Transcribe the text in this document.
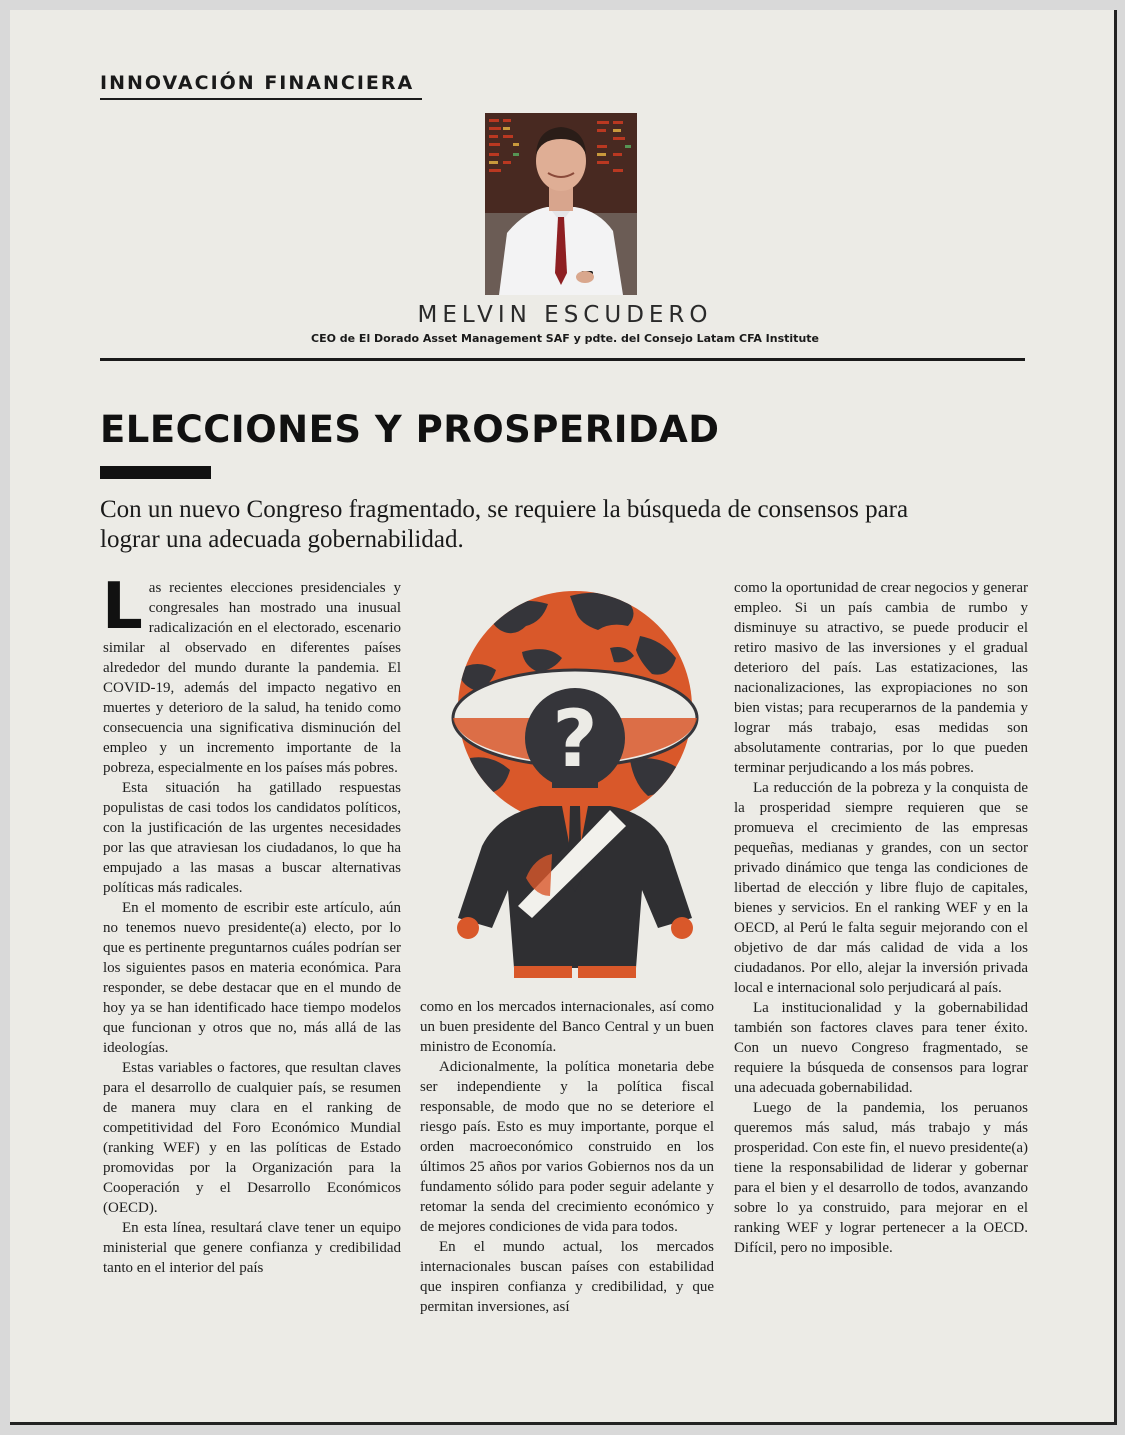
INNOVACIÓN FINANCIERA
MELVIN ESCUDERO
CEO de El Dorado Asset Management SAF y pdte. del Consejo Latam CFA Institute
ELECCIONES Y PROSPERIDAD
Con un nuevo Congreso fragmentado, se requiere la búsqueda de consensos para lograr una adecuada gobernabilidad.

Las recientes elecciones presidenciales y congresales han mostrado una inusual radicalización en el electorado, escenario similar al observado en diferentes países alrededor del mundo durante la pandemia. El COVID-19, además del impacto negativo en muertes y deterioro de la salud, ha tenido como consecuencia una significativa disminución del empleo y un incremento importante de la pobreza, especialmente en los países más pobres.

Esta situación ha gatillado respuestas populistas de casi todos los candidatos políticos, con la justificación de las urgentes necesidades por las que atraviesan los ciudadanos, lo que ha empujado a las masas a buscar alternativas políticas más radicales.

En el momento de escribir este artículo, aún no tenemos nuevo presidente(a) electo, por lo que es pertinente preguntarnos cuáles podrían ser los siguientes pasos en materia económica. Para responder, se debe destacar que en el mundo de hoy ya se han identificado hace tiempo modelos que funcionan y otros que no, más allá de las ideologías.

Estas variables o factores, que resultan claves para el desarrollo de cualquier país, se resumen de manera muy clara en el ranking de competitividad del Foro Económico Mundial (ranking WEF) y en las políticas de Estado promovidas por la Organización para la Cooperación y el Desarrollo Económicos (OECD).

En esta línea, resultará clave tener un equipo ministerial que genere confianza y credibilidad tanto en el interior del país

?

como en los mercados internacionales, así como un buen presidente del Banco Central y un buen ministro de Economía.

Adicionalmente, la política monetaria debe ser independiente y la política fiscal responsable, de modo que no se deteriore el riesgo país. Esto es muy importante, porque el orden macroeconómico construido en los últimos 25 años por varios Gobiernos nos da un fundamento sólido para poder seguir adelante y retomar la senda del crecimiento económico y de mejores condiciones de vida para todos.

En el mundo actual, los mercados internacionales buscan países con estabilidad que inspiren confianza y credibilidad, y que permitan inversiones, así

como la oportunidad de crear negocios y generar empleo. Si un país cambia de rumbo y disminuye su atractivo, se puede producir el retiro masivo de las inversiones y el gradual deterioro del país. Las estatizaciones, las nacionalizaciones, las expropiaciones no son bien vistas; para recuperarnos de la pandemia y lograr más trabajo, esas medidas son absolutamente contrarias, por lo que pueden terminar perjudicando a los más pobres.

La reducción de la pobreza y la conquista de la prosperidad siempre requieren que se promueva el crecimiento de las empresas pequeñas, medianas y grandes, con un sector privado dinámico que tenga las condiciones de libertad de elección y libre flujo de capitales, bienes y servicios. En el ranking WEF y en la OECD, al Perú le falta seguir mejorando con el objetivo de dar más calidad de vida a los ciudadanos. Por ello, alejar la inversión privada local e internacional solo perjudicará al país.

La institucionalidad y la gobernabilidad también son factores claves para tener éxito. Con un nuevo Congreso fragmentado, se requiere la búsqueda de consensos para lograr una adecuada gobernabilidad.

Luego de la pandemia, los peruanos queremos más salud, más trabajo y más prosperidad. Con este fin, el nuevo presidente(a) tiene la responsabilidad de liderar y gobernar para el bien y el desarrollo de todos, avanzando sobre lo ya construido, para mejorar en el ranking WEF y lograr pertenecer a la OECD. Difícil, pero no imposible.
